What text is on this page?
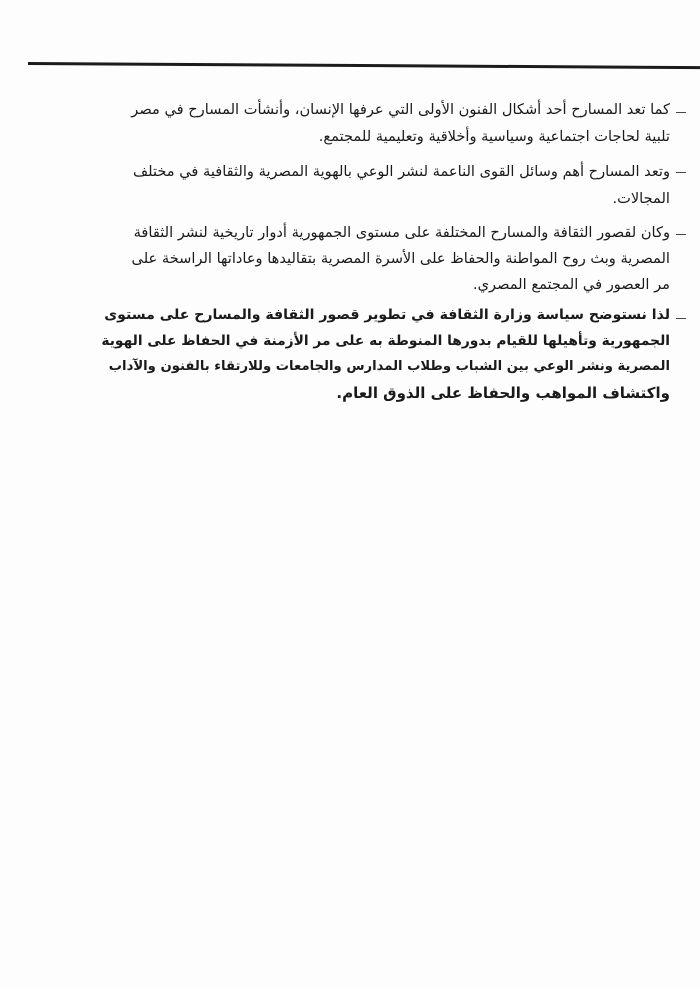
كما تعد المسارح أحد أشكال الفنون الأولى التي عرفها الإنسان، وأنشأت المسارح في مصر
تلبية لحاجات اجتماعية وسياسية وأخلاقية وتعليمية للمجتمع.
وتعد المسارح أهم وسائل القوى الناعمة لنشر الوعي بالهوية المصرية والثقافية في مختلف
المجالات.
وكان لقصور الثقافة والمسارح المختلفة على مستوى الجمهورية أدوار تاريخية لنشر الثقافة
المصرية وبث روح المواطنة والحفاظ على الأسرة المصرية بتقاليدها وعاداتها الراسخة على
مر العصور في المجتمع المصري.
لذا نستوضح سياسة وزارة الثقافة في تطوير قصور الثقافة والمسارح على مستوى
الجمهورية وتأهيلها للقيام بدورها المنوطة به على مر الأزمنة في الحفاظ على الهوية
المصرية ونشر الوعي بين الشباب وطلاب المدارس والجامعات وللارتقاء بالفنون والآداب
واكتشاف المواهب والحفاظ على الذوق العام.
